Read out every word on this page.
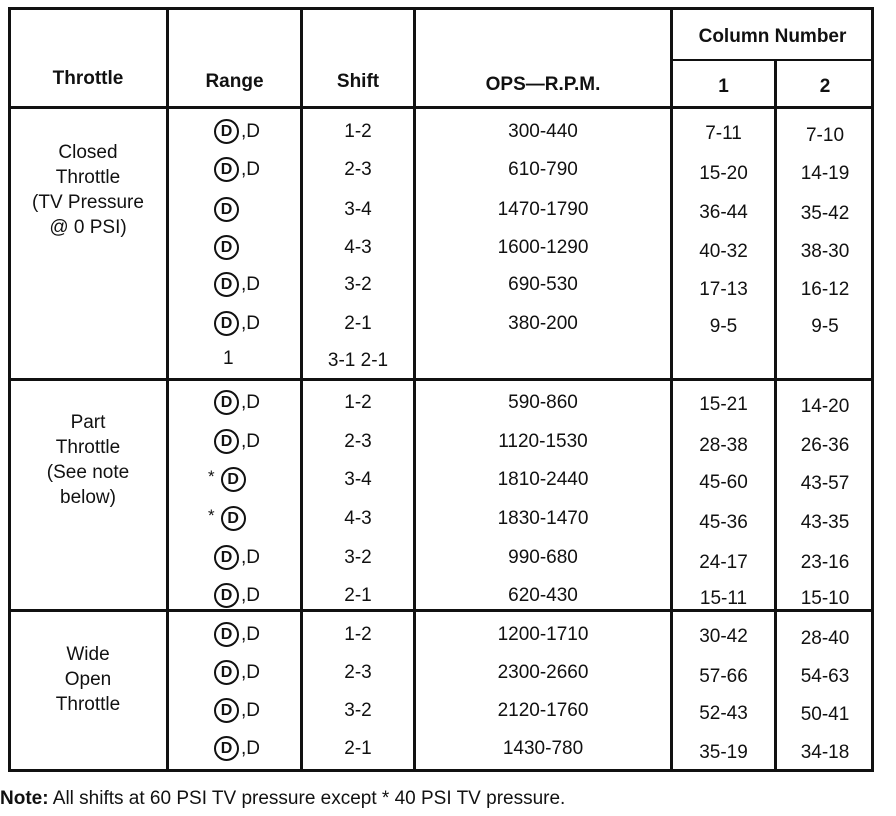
Throttle	Range	Shift	OPS—R.P.M.
Column Number
1	2
Closed
Throttle
(TV Pressure
@ 0 PSI)
D ,D	1-2	300-440	7-11	7-10
D ,D	2-3	610-790	15-20	14-19
D	3-4	1470-1790	36-44	35-42
D	4-3	1600-1290	40-32	38-30
D ,D	3-2	690-530	17-13	16-12
D ,D	2-1	380-200	9-5	9-5
1	3-1 2-1
Part
Throttle
(See note
below)
D ,D	1-2	590-860	15-21	14-20
D ,D	2-3	1120-1530	28-38	26-36
* D	3-4	1810-2440	45-60	43-57
* D	4-3	1830-1470	45-36	43-35
D ,D	3-2	990-680	24-17	23-16
D ,D	2-1	620-430	15-11	15-10
Wide
Open
Throttle
D ,D	1-2	1200-1710	30-42	28-40
D ,D	2-3	2300-2660	57-66	54-63
D ,D	3-2	2120-1760	52-43	50-41
D ,D	2-1	1430-780	35-19	34-18
Note: All shifts at 60 PSI TV pressure except * 40 PSI TV pressure.
